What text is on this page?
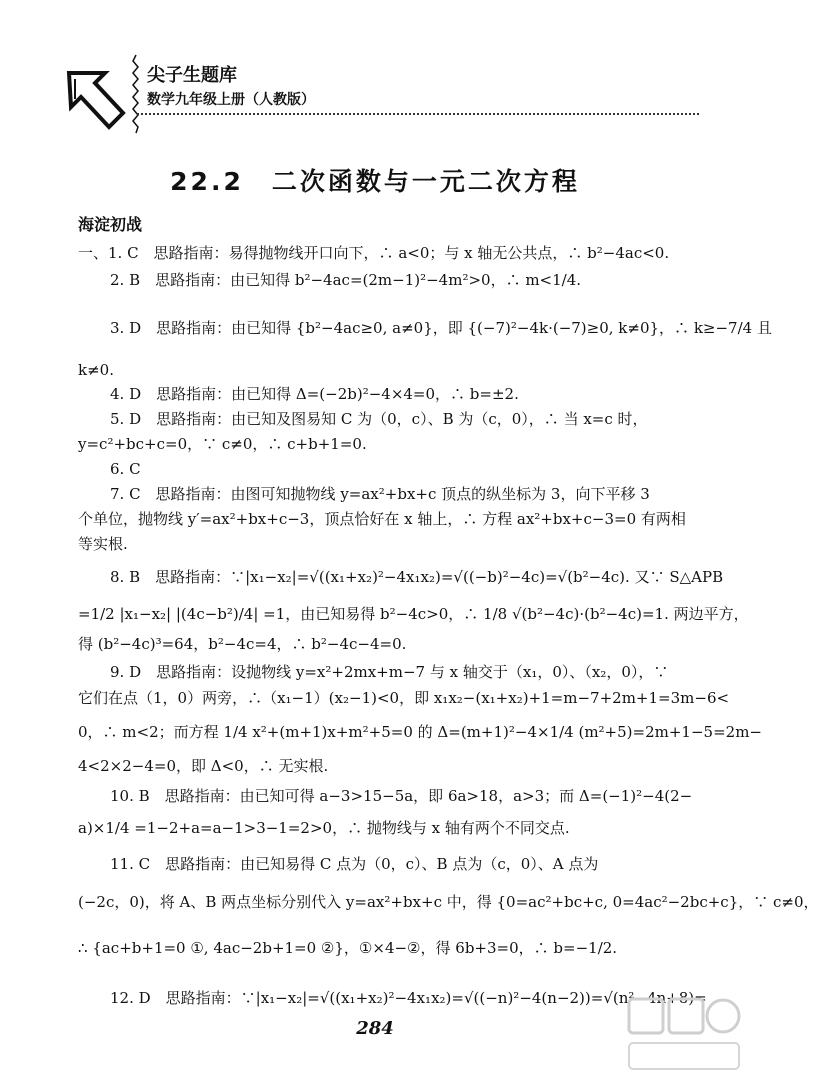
尖子生题库
数学九年级上册（人教版）
22.2　二次函数与一元二次方程
海淀初战
一、1. C　思路指南：易得抛物线开口向下，∴ a<0；与 x 轴无公共点，∴ b²−4ac<0.
2. B　思路指南：由已知得 b²−4ac=(2m−1)²−4m²>0，∴ m<1/4.
3. D　思路指南：由已知得 {b²−4ac≥0, a≠0}，即 {(−7)²−4k·(−7)≥0, k≠0}，∴ k≥−7/4 且
k≠0.
4. D　思路指南：由已知得 Δ=(−2b)²−4×4=0，∴ b=±2.
5. D　思路指南：由已知及图易知 C 为（0，c）、B 为（c，0），∴ 当 x=c 时，
y=c²+bc+c=0，∵ c≠0，∴ c+b+1=0.
6. C
7. C　思路指南：由图可知抛物线 y=ax²+bx+c 顶点的纵坐标为 3，向下平移 3
个单位，抛物线 y′=ax²+bx+c−3，顶点恰好在 x 轴上，∴ 方程 ax²+bx+c−3=0 有两相
等实根.
8. B　思路指南：∵|x₁−x₂|=√((x₁+x₂)²−4x₁x₂)=√((−b)²−4c)=√(b²−4c). 又∵ S△APB
=1/2 |x₁−x₂| |(4c−b²)/4| =1，由已知易得 b²−4c>0，∴ 1/8 √(b²−4c)·(b²−4c)=1. 两边平方，
得 (b²−4c)³=64，b²−4c=4，∴ b²−4c−4=0.
9. D　思路指南：设抛物线 y=x²+2mx+m−7 与 x 轴交于（x₁，0）、（x₂，0），∵
它们在点（1，0）两旁，∴（x₁−1）(x₂−1)<0，即 x₁x₂−(x₁+x₂)+1=m−7+2m+1=3m−6<
0，∴ m<2；而方程 1/4 x²+(m+1)x+m²+5=0 的 Δ=(m+1)²−4×1/4 (m²+5)=2m+1−5=2m−
4<2×2−4=0，即 Δ<0，∴ 无实根.
10. B　思路指南：由已知可得 a−3>15−5a，即 6a>18，a>3；而 Δ=(−1)²−4(2−
a)×1/4 =1−2+a=a−1>3−1=2>0，∴ 抛物线与 x 轴有两个不同交点.
11. C　思路指南：由已知易得 C 点为（0，c）、B 点为（c，0）、A 点为
(−2c，0)，将 A、B 两点坐标分别代入 y=ax²+bx+c 中，得 {0=ac²+bc+c, 0=4ac²−2bc+c}，∵ c≠0，
∴ {ac+b+1=0 ①, 4ac−2b+1=0 ②}，①×4−②，得 6b+3=0，∴ b=−1/2.
12. D　思路指南：∵|x₁−x₂|=√((x₁+x₂)²−4x₁x₂)=√((−n)²−4(n−2))=√(n²−4n+8)=
284
